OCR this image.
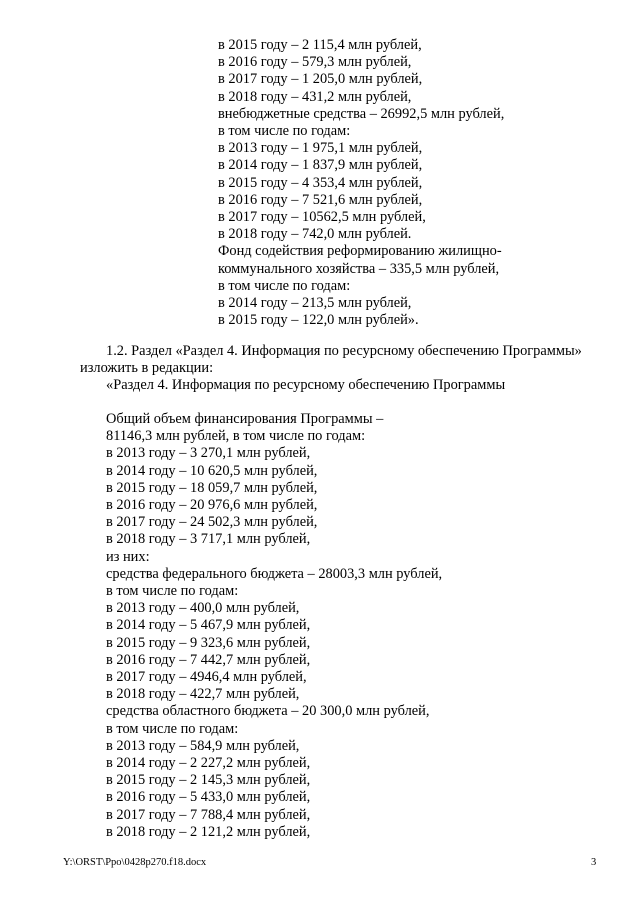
в 2015 году – 2 115,4 млн рублей,
в 2016 году – 579,3 млн рублей,
в 2017 году – 1 205,0 млн рублей,
в 2018 году – 431,2 млн рублей,
внебюджетные средства – 26992,5 млн рублей,
в том числе по годам:
в 2013 году – 1 975,1 млн рублей,
в 2014 году – 1 837,9 млн рублей,
в 2015 году – 4 353,4 млн рублей,
в 2016 году – 7 521,6 млн рублей,
в 2017 году – 10562,5 млн рублей,
в 2018 году – 742,0 млн рублей.
Фонд содействия реформированию жилищно-
коммунального хозяйства – 335,5 млн рублей,
в том числе по годам:
в 2014 году – 213,5 млн рублей,
в 2015 году – 122,0 млн рублей».
1.2. Раздел «Раздел 4. Информация по ресурсному обеспечению Программы»
изложить в редакции:
«Раздел 4. Информация по ресурсному обеспечению Программы
Общий объем финансирования Программы –
81146,3 млн рублей, в том числе по годам:
в 2013 году – 3 270,1 млн рублей,
в 2014 году – 10 620,5 млн рублей,
в 2015 году – 18 059,7 млн рублей,
в 2016 году – 20 976,6 млн рублей,
в 2017 году – 24 502,3 млн рублей,
в 2018 году – 3 717,1 млн рублей,
из них:
средства федерального бюджета – 28003,3 млн рублей,
в том числе по годам:
в 2013 году – 400,0 млн рублей,
в 2014 году – 5 467,9 млн рублей,
в 2015 году – 9 323,6 млн рублей,
в 2016 году – 7 442,7 млн рублей,
в 2017 году – 4946,4 млн рублей,
в 2018 году – 422,7 млн рублей,
средства областного бюджета – 20 300,0 млн рублей,
в том числе по годам:
в 2013 году – 584,9 млн рублей,
в 2014 году – 2 227,2 млн рублей,
в 2015 году – 2 145,3 млн рублей,
в 2016 году – 5 433,0 млн рублей,
в 2017 году – 7 788,4 млн рублей,
в 2018 году – 2 121,2 млн рублей,
Y:\ORST\Ppo\0428p270.f18.docx	3
